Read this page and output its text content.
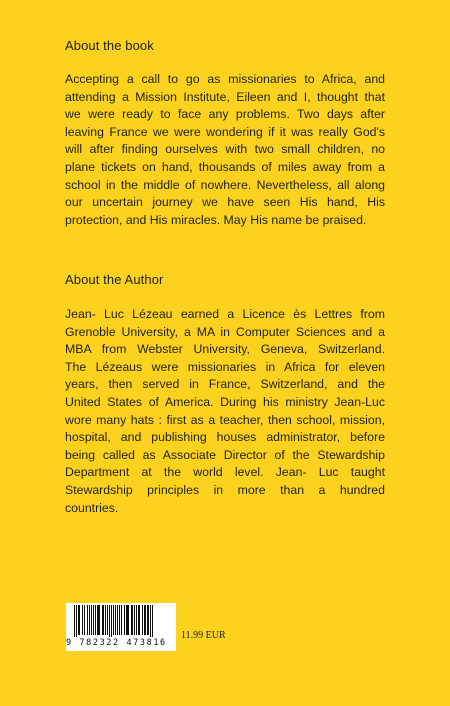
About the book
Accepting a call to go as missionaries to Africa, and
attending a Mission Institute, Eileen and I, thought that
we were ready to face any problems. Two days after
leaving France we were wondering if it was really God's
will after finding ourselves with two small children, no
plane tickets on hand, thousands of miles away from a
school in the middle of nowhere. Nevertheless, all along
our uncertain journey we have seen His hand, His
protection, and His miracles. May His name be praised.
About the Author
Jean- Luc Lézeau earned a Licence ès Lettres from
Grenoble University, a MA in Computer Sciences and a
MBA from Webster University, Geneva, Switzerland.
The Lézeaus were missionaries in Africa for eleven
years, then served in France, Switzerland, and the
United States of America. During his ministry Jean-Luc
wore many hats : first as a teacher, then school, mission,
hospital, and publishing houses administrator, before
being called as Associate Director of the Stewardship
Department at the world level. Jean- Luc taught
Stewardship principles in more than a hundred
countries.
9 782322 473816
11.99 EUR
